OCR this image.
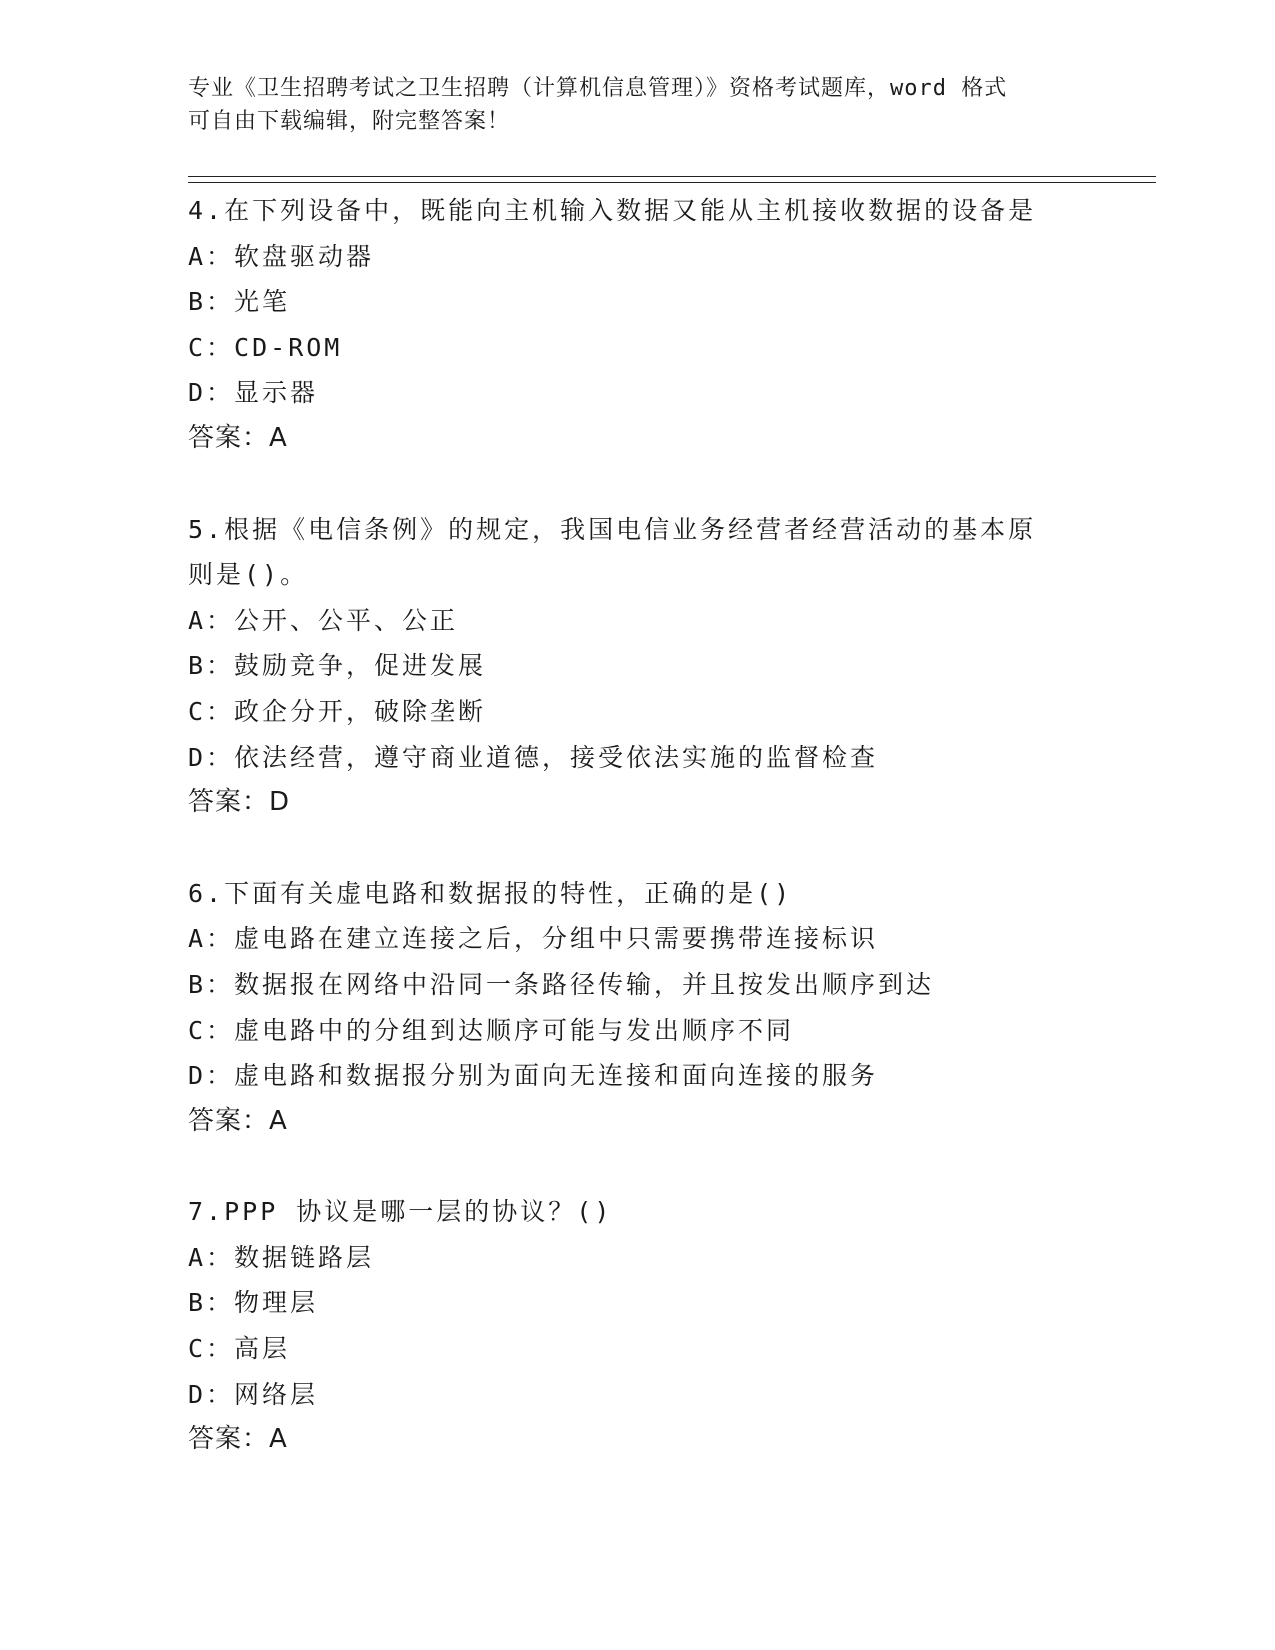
专业《卫生招聘考试之卫生招聘（计算机信息管理）》资格考试题库，word 格式
可自由下载编辑，附完整答案！
4.在下列设备中，既能向主机输入数据又能从主机接收数据的设备是
A：软盘驱动器
B：光笔
C：CD-ROM
D：显示器
答案：A
5.根据《电信条例》的规定，我国电信业务经营者经营活动的基本原
则是()。
A：公开、公平、公正
B：鼓励竞争，促进发展
C：政企分开，破除垄断
D：依法经营，遵守商业道德，接受依法实施的监督检查
答案：D
6.下面有关虚电路和数据报的特性，正确的是()
A：虚电路在建立连接之后，分组中只需要携带连接标识
B：数据报在网络中沿同一条路径传输，并且按发出顺序到达
C：虚电路中的分组到达顺序可能与发出顺序不同
D：虚电路和数据报分别为面向无连接和面向连接的服务
答案：A
7.PPP 协议是哪一层的协议？()
A：数据链路层
B：物理层
C：高层
D：网络层
答案：A
